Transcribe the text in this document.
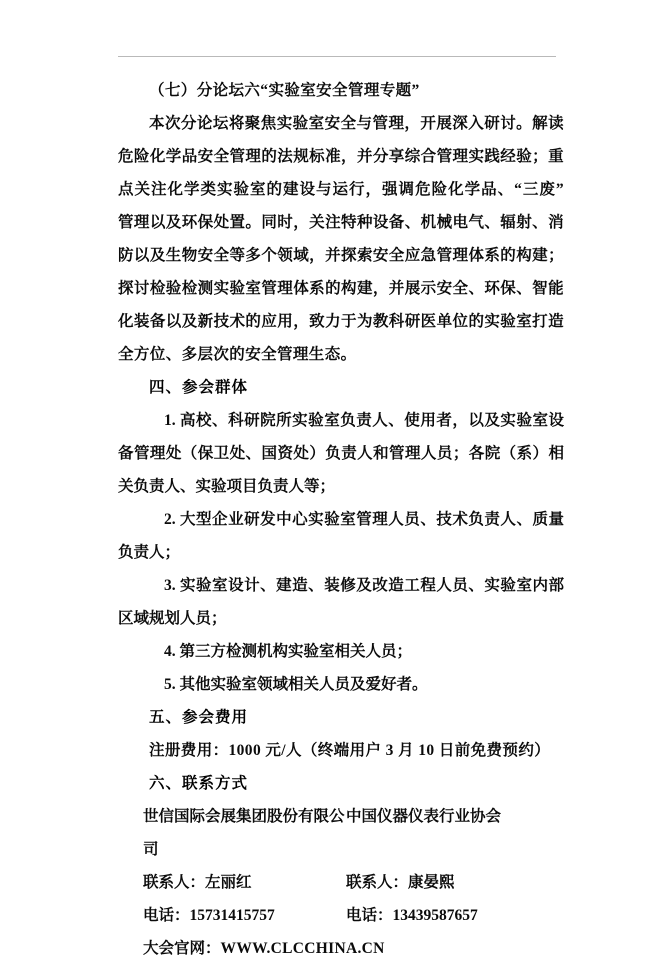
（七）分论坛六“实验室安全管理专题”

本次分论坛将聚焦实验室安全与管理，开展深入研讨。解读危险化学品安全管理的法规标准，并分享综合管理实践经验；重点关注化学类实验室的建设与运行，强调危险化学品、“三废” 管理以及环保处置。同时，关注特种设备、机械电气、辐射、消防以及生物安全等多个领域，并探索安全应急管理体系的构建；探讨检验检测实验室管理体系的构建，并展示安全、环保、智能化装备以及新技术的应用，致力于为教科研医单位的实验室打造全方位、多层次的安全管理生态。

四、参会群体

1. 高校、科研院所实验室负责人、使用者，以及实验室设备管理处（保卫处、国资处）负责人和管理人员；各院（系）相关负责人、实验项目负责人等；

2. 大型企业研发中心实验室管理人员、技术负责人、质量负责人；

3. 实验室设计、建造、装修及改造工程人员、实验室内部区域规划人员；

4. 第三方检测机构实验室相关人员；

5. 其他实验室领域相关人员及爱好者。

五、参会费用

注册费用：1000 元/人（终端用户 3 月 10 日前免费预约）

六、联系方式

世信国际会展集团股份有限公司
中国仪器仪表行业协会
联系人：左丽红	联系人：康晏熙
电话：15731415757	电话：13439587657
大会官网：WWW.CLCCHINA.CN
